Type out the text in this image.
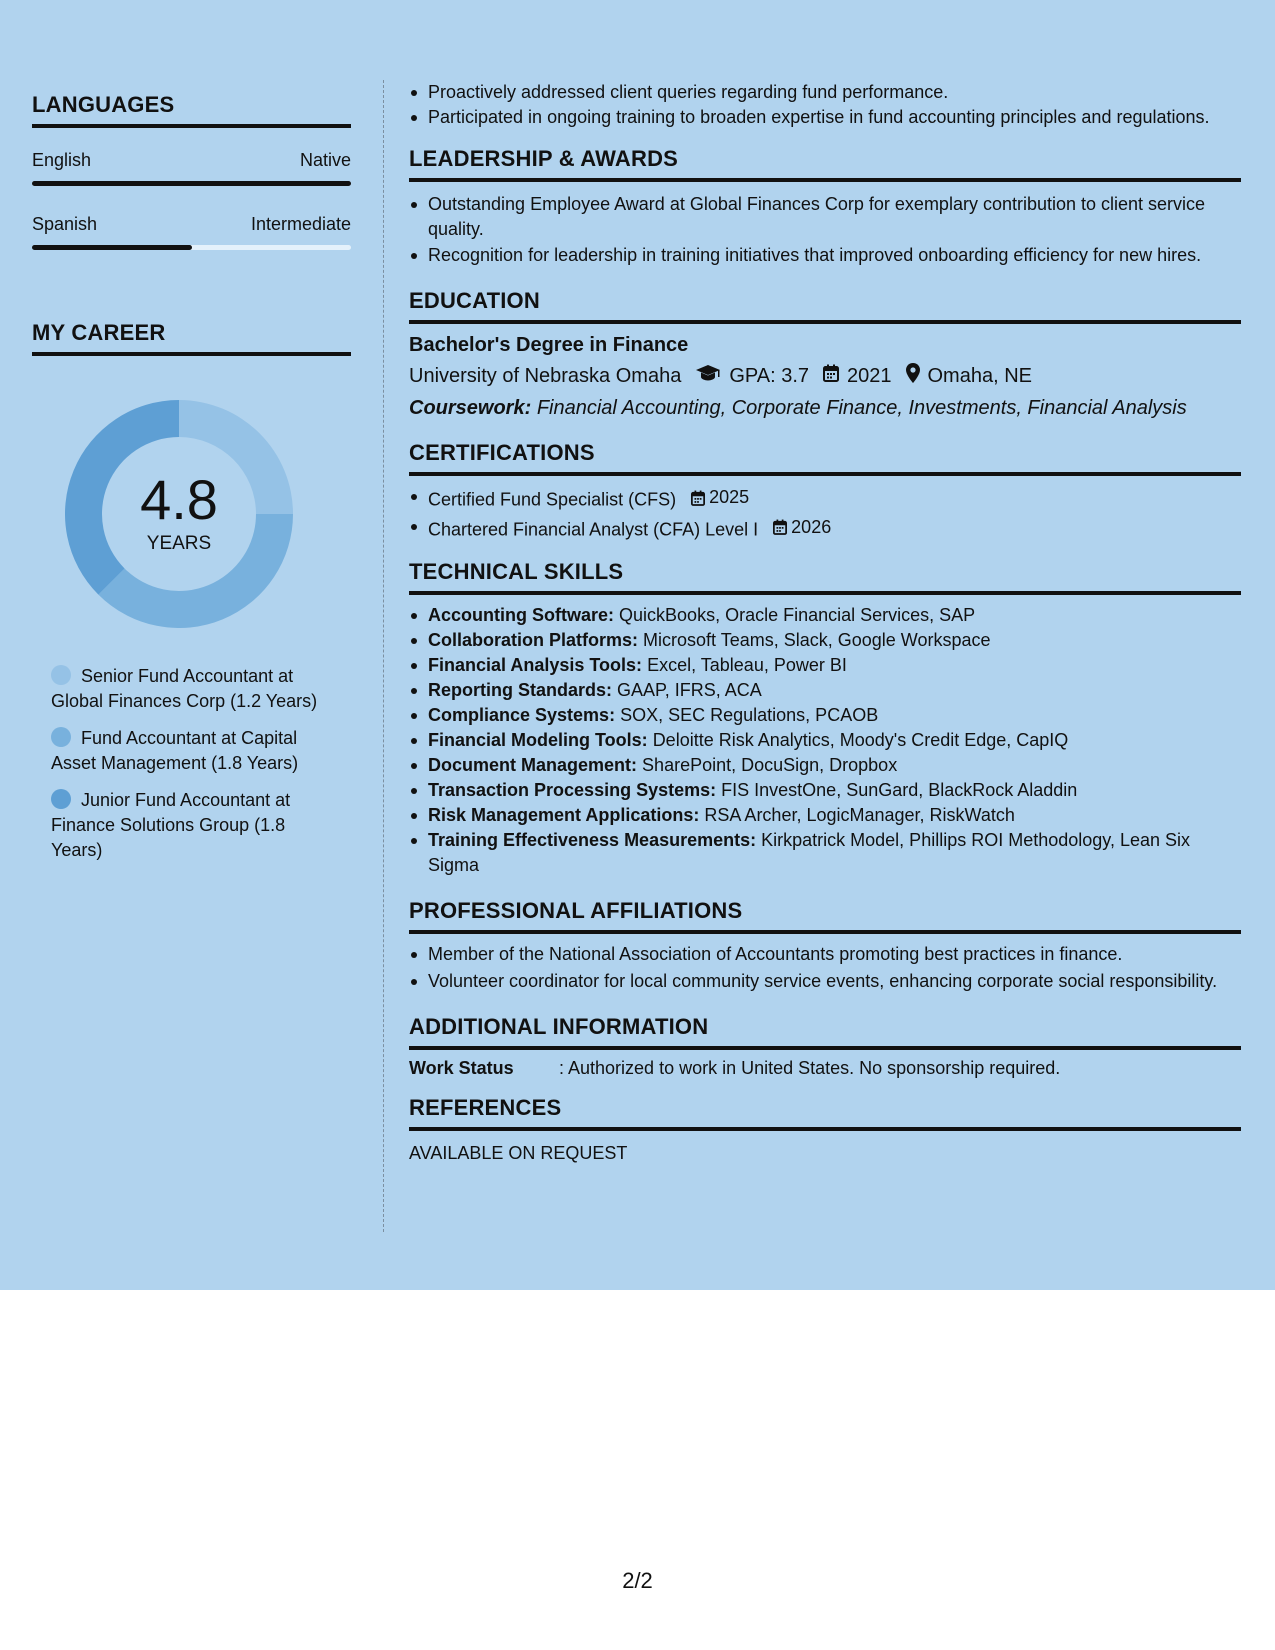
LANGUAGES
English	Native
Spanish	Intermediate
MY CAREER
4.8
YEARS
Senior Fund Accountant at Global Finances Corp (1.2 Years)
Fund Accountant at Capital Asset Management (1.8 Years)
Junior Fund Accountant at Finance Solutions Group (1.8 Years)
Proactively addressed client queries regarding fund performance.
Participated in ongoing training to broaden expertise in fund accounting principles and regulations.
LEADERSHIP & AWARDS
Outstanding Employee Award at Global Finances Corp for exemplary contribution to client service quality.
Recognition for leadership in training initiatives that improved onboarding efficiency for new hires.
EDUCATION
Bachelor's Degree in Finance
University of Nebraska Omaha GPA: 3.7 2021 Omaha, NE
Coursework: Financial Accounting, Corporate Finance, Investments, Financial Analysis
CERTIFICATIONS
Certified Fund Specialist (CFS) 2025
Chartered Financial Analyst (CFA) Level I 2026
TECHNICAL SKILLS
Accounting Software: QuickBooks, Oracle Financial Services, SAP
Collaboration Platforms: Microsoft Teams, Slack, Google Workspace
Financial Analysis Tools: Excel, Tableau, Power BI
Reporting Standards: GAAP, IFRS, ACA
Compliance Systems: SOX, SEC Regulations, PCAOB
Financial Modeling Tools: Deloitte Risk Analytics, Moody's Credit Edge, CapIQ
Document Management: SharePoint, DocuSign, Dropbox
Transaction Processing Systems: FIS InvestOne, SunGard, BlackRock Aladdin
Risk Management Applications: RSA Archer, LogicManager, RiskWatch
Training Effectiveness Measurements: Kirkpatrick Model, Phillips ROI Methodology, Lean Six Sigma
PROFESSIONAL AFFILIATIONS
Member of the National Association of Accountants promoting best practices in finance.
Volunteer coordinator for local community service events, enhancing corporate social responsibility.
ADDITIONAL INFORMATION
Work Status	: Authorized to work in United States. No sponsorship required.
REFERENCES
AVAILABLE ON REQUEST
2/2
